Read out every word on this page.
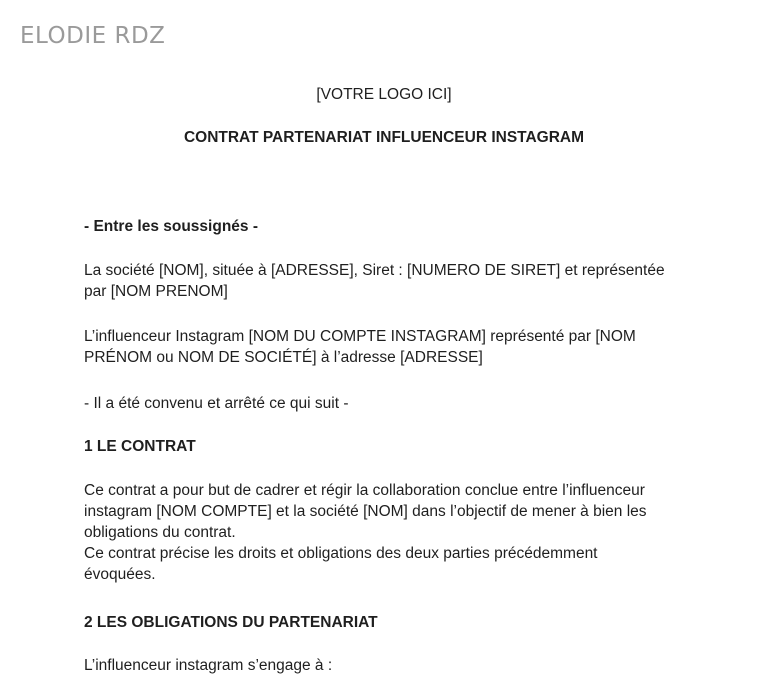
ELODIE RDZ
[VOTRE LOGO ICI]
CONTRAT PARTENARIAT INFLUENCEUR INSTAGRAM
- Entre les soussignés -
La société [NOM], située à [ADRESSE], Siret : [NUMERO DE SIRET] et représentée
par [NOM PRENOM]
L’influenceur Instagram [NOM DU COMPTE INSTAGRAM] représenté par [NOM
PRÉNOM ou NOM DE SOCIÉTÉ] à l’adresse [ADRESSE]
- Il a été convenu et arrêté ce qui suit -
1 LE CONTRAT
Ce contrat a pour but de cadrer et régir la collaboration conclue entre l’influenceur
instagram [NOM COMPTE] et la société [NOM] dans l’objectif de mener à bien les
obligations du contrat.
Ce contrat précise les droits et obligations des deux parties précédemment
évoquées.
2 LES OBLIGATIONS DU PARTENARIAT
L’influenceur instagram s’engage à :
